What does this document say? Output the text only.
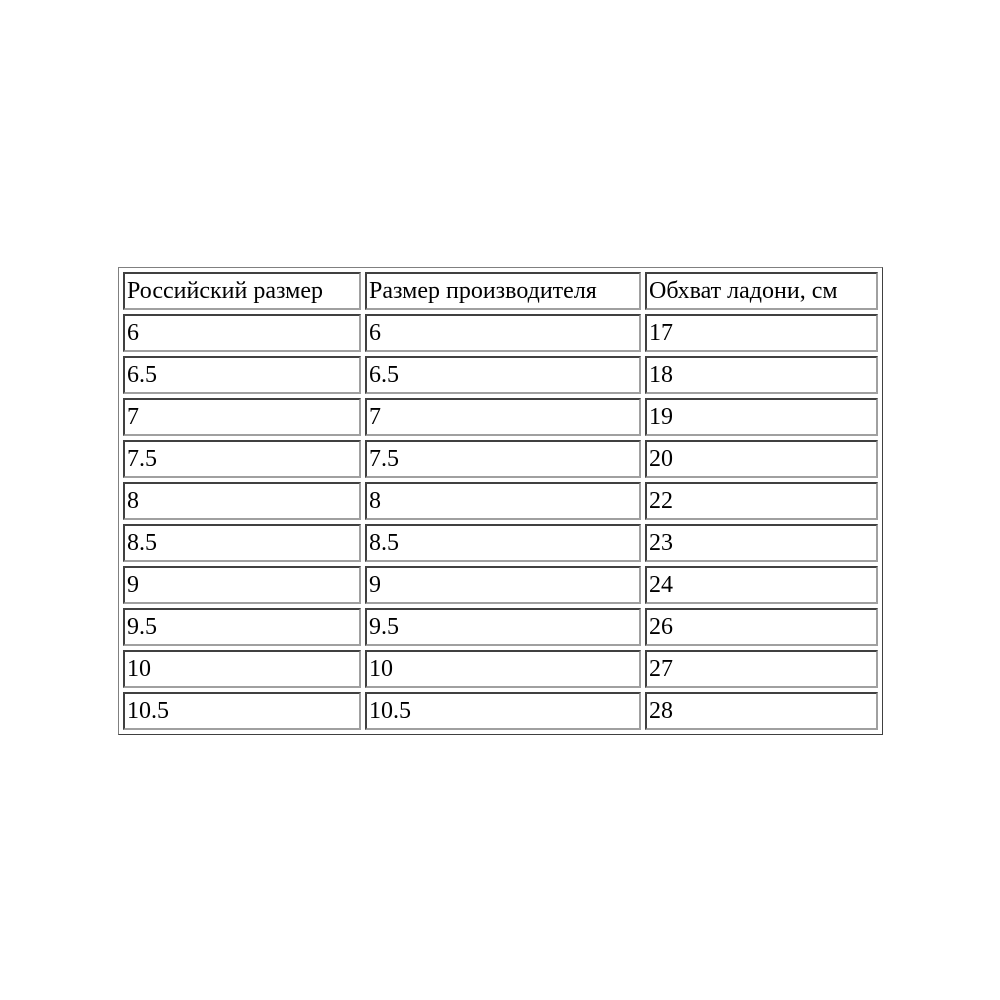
Российский размер	Размер производителя	Обхват ладони, см
6	6	17
6.5	6.5	18
7	7	19
7.5	7.5	20
8	8	22
8.5	8.5	23
9	9	24
9.5	9.5	26
10	10	27
10.5	10.5	28
